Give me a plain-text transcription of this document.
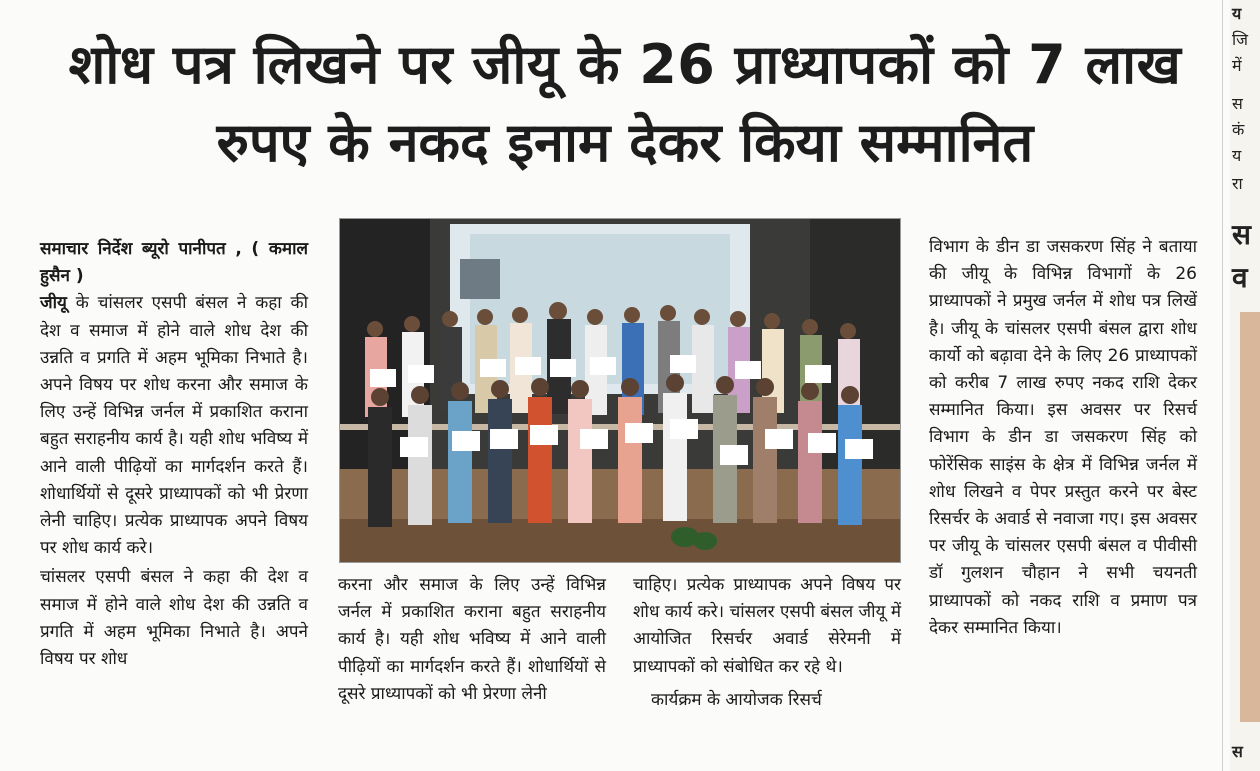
शोध पत्र लिखने पर जीयू के 26 प्राध्यापकों को 7 लाख
रुपए के नकद इनाम देकर किया सम्मानित

समाचार निर्देश ब्यूरो पानीपत , ( कमाल हुसैन )

जीयू के चांसलर एसपी बंसल ने कहा की देश व समाज में होने वाले शोध देश की उन्नति व प्रगति में अहम भूमिका निभाते है। अपने विषय पर शोध करना और समाज के लिए उन्हें विभिन्न जर्नल में प्रकाशित कराना बहुत सराहनीय कार्य है। यही शोध भविष्य में आने वाली पीढ़ियों का मार्गदर्शन करते हैं। शोधार्थियों से दूसरे प्राध्यापकों को भी प्रेरणा लेनी चाहिए। प्रत्येक प्राध्यापक अपने विषय पर शोध कार्य करे।

चांसलर एसपी बंसल ने कहा की देश व समाज में होने वाले शोध देश की उन्नति व प्रगति में अहम भूमिका निभाते है। अपने विषय पर शोध

करना और समाज के लिए उन्हें विभिन्न जर्नल में प्रकाशित कराना बहुत सराहनीय कार्य है। यही शोध भविष्य में आने वाली पीढ़ियों का मार्गदर्शन करते हैं। शोधार्थियों से दूसरे प्राध्यापकों को भी प्रेरणा लेनी

चाहिए। प्रत्येक प्राध्यापक अपने विषय पर शोध कार्य करे। चांसलर एसपी बंसल जीयू में आयोजित रिसर्चर अवार्ड सेरेमनी में प्राध्यापकों को संबोधित कर रहे थे।

कार्यक्रम के आयोजक रिसर्च

विभाग के डीन डा जसकरण सिंह ने बताया की जीयू के विभिन्न विभागों के 26 प्राध्यापकों ने प्रमुख जर्नल में शोध पत्र लिखें है। जीयू के चांसलर एसपी बंसल द्वारा शोध कार्यो को बढ़ावा देने के लिए 26 प्राध्यापकों को करीब 7 लाख रुपए नकद राशि देकर सम्मानित किया। इस अवसर पर रिसर्च विभाग के डीन डा जसकरण सिंह को फोरेंसिक साइंस के क्षेत्र में विभिन्न जर्नल में शोध लिखने व पेपर प्रस्तुत करने पर बेस्ट रिसर्चर के अवार्ड से नवाजा गए। इस अवसर पर जीयू के चांसलर एसपी बंसल व पीवीसी डॉ गुलशन चौहान ने सभी चयनती प्राध्यापकों को नकद राशि व प्रमाण पत्र देकर सम्मानित किया।

य
जि
में
स
कं
य
रा
स
व
स
